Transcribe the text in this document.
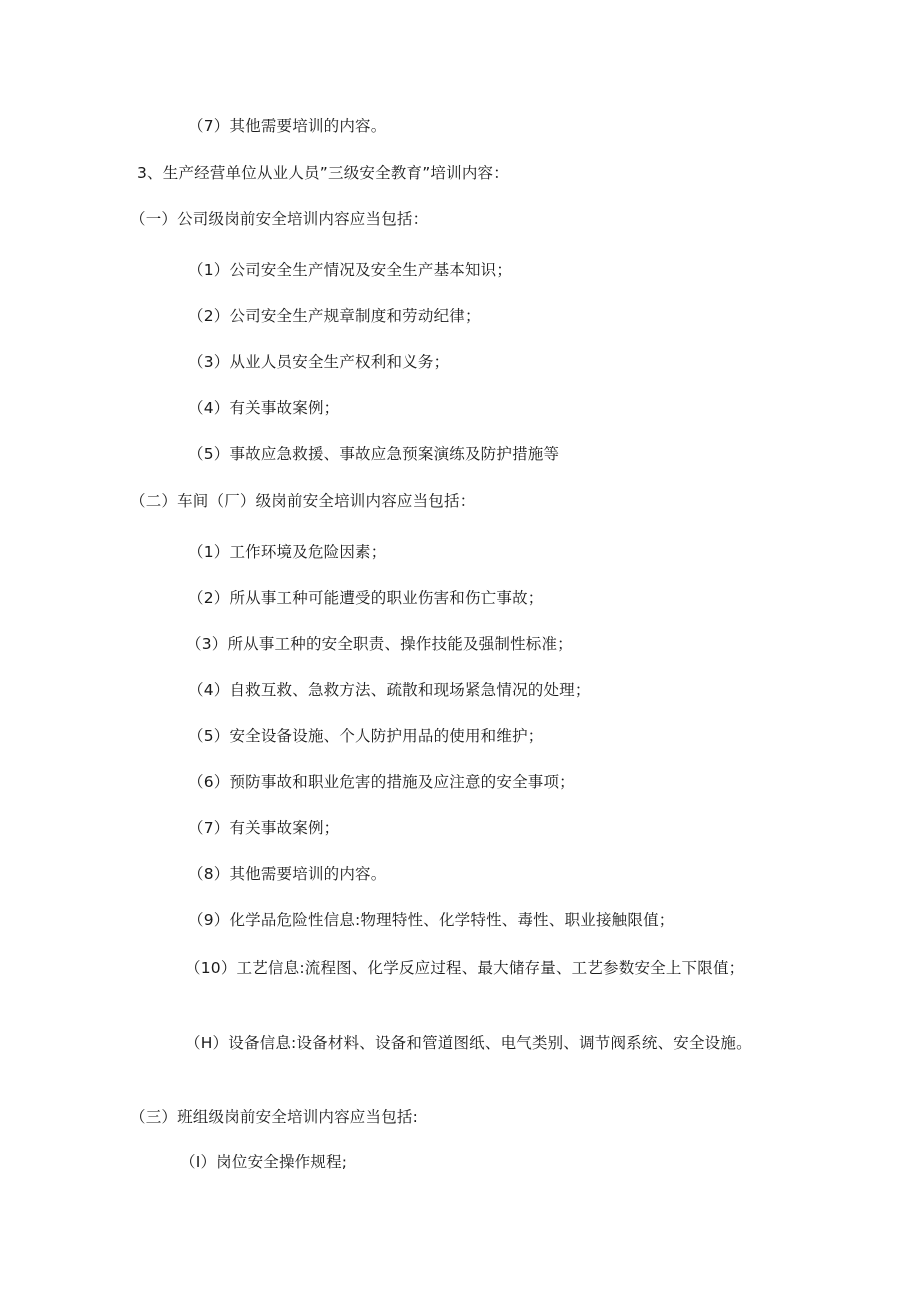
（7）其他需要培训的内容。
3、生产经营单位从业人员”三级安全教育”培训内容：
（一）公司级岗前安全培训内容应当包括：
（1）公司安全生产情况及安全生产基本知识；
（2）公司安全生产规章制度和劳动纪律；
（3）从业人员安全生产权利和义务；
（4）有关事故案例；
（5）事故应急救援、事故应急预案演练及防护措施等
（二）车间（厂）级岗前安全培训内容应当包括：
（1）工作环境及危险因素；
（2）所从事工种可能遭受的职业伤害和伤亡事故；
（3）所从事工种的安全职责、操作技能及强制性标准；
（4）自救互救、急救方法、疏散和现场紧急情况的处理；
（5）安全设备设施、个人防护用品的使用和维护；
（6）预防事故和职业危害的措施及应注意的安全事项；
（7）有关事故案例；
（8）其他需要培训的内容。
（9）化学品危险性信息:物理特性、化学特性、毒性、职业接触限值；
（10）工艺信息:流程图、化学反应过程、最大储存量、工艺参数安全上下限值；
（H）设备信息:设备材料、设备和管道图纸、电气类别、调节阀系统、安全设施。
（三）班组级岗前安全培训内容应当包括:
（I）岗位安全操作规程;
